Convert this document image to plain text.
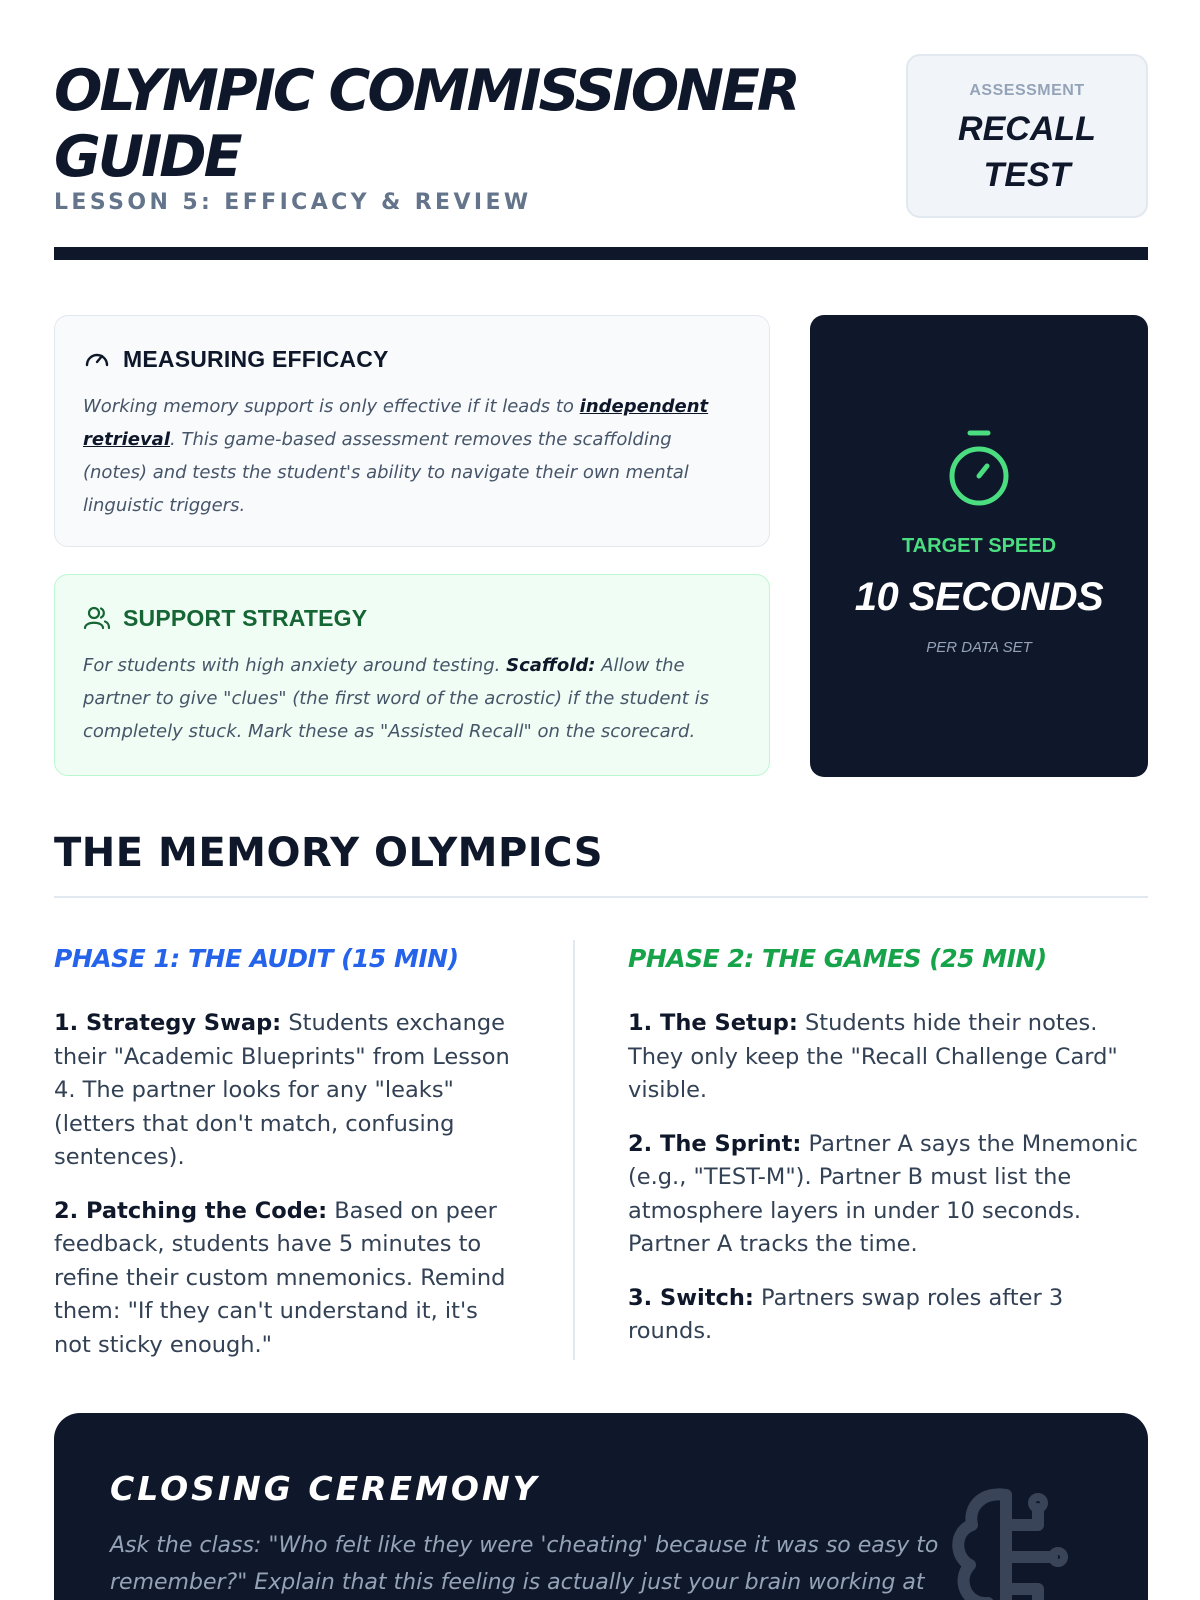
OLYMPIC COMMISSIONER GUIDE
LESSON 5: EFFICACY & REVIEW
ASSESSMENT
RECALL TEST
MEASURING EFFICACY

Working memory support is only effective if it leads to independent retrieval. This game-based assessment removes the scaffolding (notes) and tests the student's ability to navigate their own mental linguistic triggers.

SUPPORT STRATEGY

For students with high anxiety around testing. Scaffold: Allow the partner to give "clues" (the first word of the acrostic) if the student is completely stuck. Mark these as "Assisted Recall" on the scorecard.

TARGET SPEED
10 SECONDS
PER DATA SET
THE MEMORY OLYMPICS
PHASE 1: THE AUDIT (15 MIN)

1. Strategy Swap: Students exchange their "Academic Blueprints" from Lesson 4. The partner looks for any "leaks" (letters that don't match, confusing sentences).

2. Patching the Code: Based on peer feedback, students have 5 minutes to refine their custom mnemonics. Remind them: "If they can't understand it, it's not sticky enough."

PHASE 2: THE GAMES (25 MIN)

1. The Setup: Students hide their notes. They only keep the "Recall Challenge Card" visible.

2. The Sprint: Partner A says the Mnemonic (e.g., "TEST-M"). Partner B must list the atmosphere layers in under 10 seconds. Partner A tracks the time.

3. Switch: Partners swap roles after 3 rounds.

CLOSING CEREMONY

Ask the class: "Who felt like they were 'cheating' because it was so easy to remember?" Explain that this feeling is actually just your brain working at
